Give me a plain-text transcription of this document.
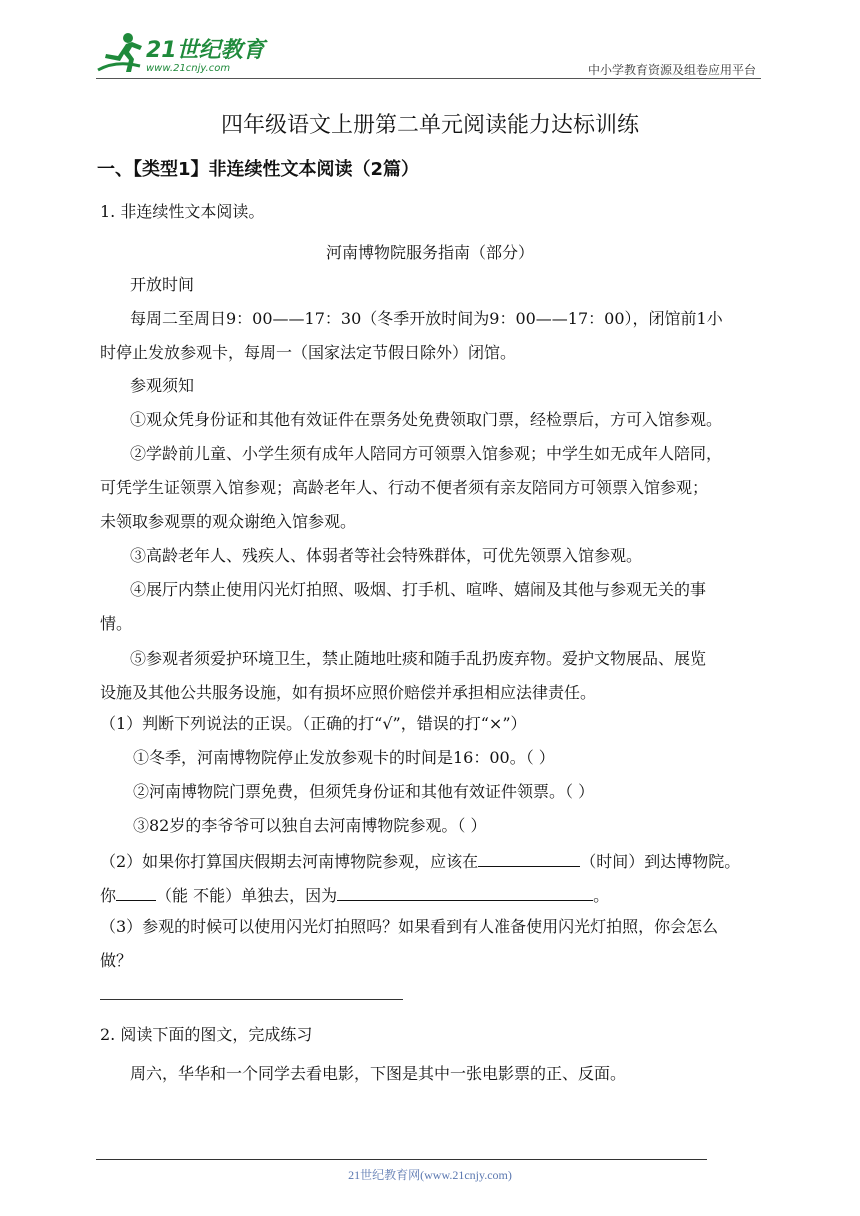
21世纪教育
www.21cnjy.com	中小学教育资源及组卷应用平台
四年级语文上册第二单元阅读能力达标训练
一、【类型1】非连续性文本阅读（2篇）
1. 非连续性文本阅读。
河南博物院服务指南（部分）
开放时间
每周二至周日9：00——17：30（冬季开放时间为9：00——17：00），闭馆前1小
时停止发放参观卡，每周一（国家法定节假日除外）闭馆。
参观须知
①观众凭身份证和其他有效证件在票务处免费领取门票，经检票后，方可入馆参观。
②学龄前儿童、小学生须有成年人陪同方可领票入馆参观；中学生如无成年人陪同，
可凭学生证领票入馆参观；高龄老年人、行动不便者须有亲友陪同方可领票入馆参观；
未领取参观票的观众谢绝入馆参观。
③高龄老年人、残疾人、体弱者等社会特殊群体，可优先领票入馆参观。
④展厅内禁止使用闪光灯拍照、吸烟、打手机、喧哗、嬉闹及其他与参观无关的事
情。
⑤参观者须爱护环境卫生，禁止随地吐痰和随手乱扔废弃物。爱护文物展品、展览
设施及其他公共服务设施，如有损坏应照价赔偿并承担相应法律责任。
（1）判断下列说法的正误。（正确的打“√”，错误的打“×”）
①冬季，河南博物院停止发放参观卡的时间是16：00。（ ）
②河南博物院门票免费，但须凭身份证和其他有效证件领票。（ ）
③82岁的李爷爷可以独自去河南博物院参观。（ ）
（2）如果你打算国庆假期去河南博物院参观，应该在	（时间）到达博物院。
你	（能 不能）单独去，因为	。
（3）参观的时候可以使用闪光灯拍照吗？如果看到有人准备使用闪光灯拍照，你会怎么
做？
2. 阅读下面的图文，完成练习
周六，华华和一个同学去看电影，下图是其中一张电影票的正、反面。
21世纪教育网(www.21cnjy.com)
